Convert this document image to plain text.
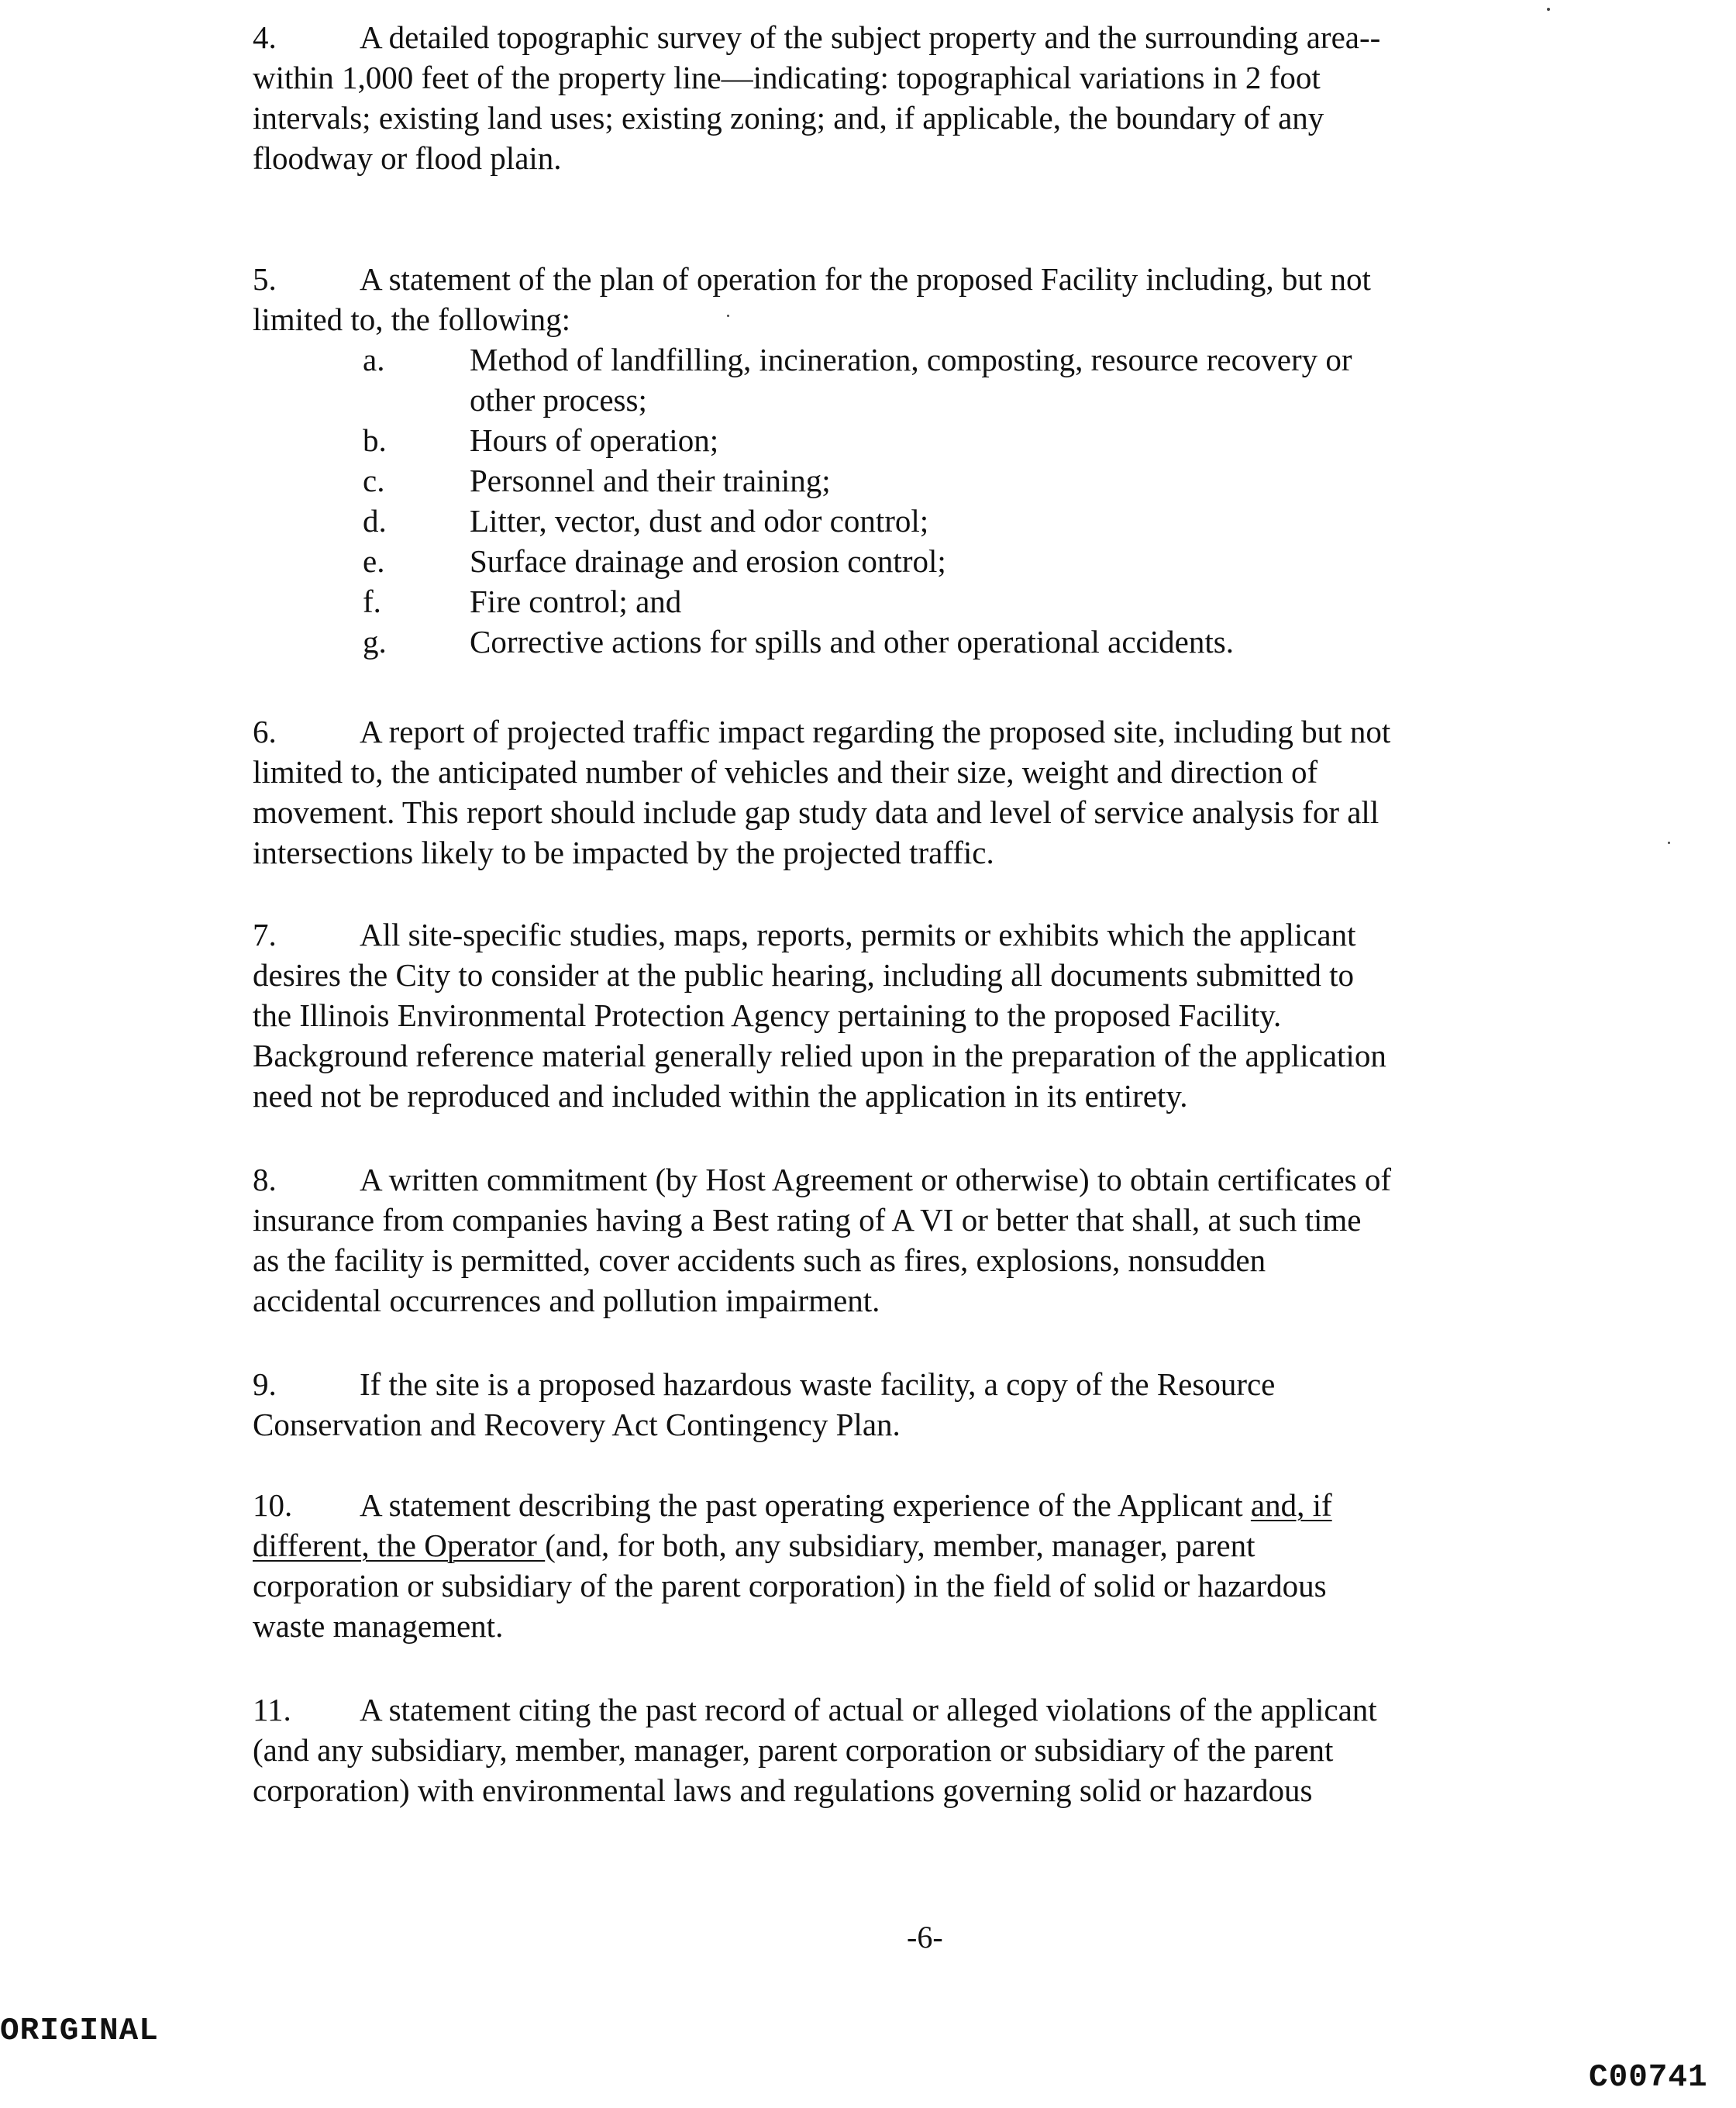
4.	A detailed topographic survey of the subject property and the surrounding area--
within 1,000 feet of the property line—indicating: topographical variations in 2 foot
intervals; existing land uses; existing zoning; and, if applicable, the boundary of any
floodway or flood plain.
5.	A statement of the plan of operation for the proposed Facility including, but not
limited to, the following:
a.	Method of landfilling, incineration, composting, resource recovery or
other process;
b.	Hours of operation;
c.	Personnel and their training;
d.	Litter, vector, dust and odor control;
e.	Surface drainage and erosion control;
f.	Fire control; and
g.	Corrective actions for spills and other operational accidents.
6.	A report of projected traffic impact regarding the proposed site, including but not
limited to, the anticipated number of vehicles and their size, weight and direction of
movement. This report should include gap study data and level of service analysis for all
intersections likely to be impacted by the projected traffic.
7.	All site-specific studies, maps, reports, permits or exhibits which the applicant
desires the City to consider at the public hearing, including all documents submitted to
the Illinois Environmental Protection Agency pertaining to the proposed Facility.
Background reference material generally relied upon in the preparation of the application
need not be reproduced and included within the application in its entirety.
8.	A written commitment (by Host Agreement or otherwise) to obtain certificates of
insurance from companies having a Best rating of A VI or better that shall, at such time
as the facility is permitted, cover accidents such as fires, explosions, nonsudden
accidental occurrences and pollution impairment.
9.	If the site is a proposed hazardous waste facility, a copy of the Resource
Conservation and Recovery Act Contingency Plan.
10. A statement describing the past operating experience of the Applicant and, if
different, the Operator (and, for both, any subsidiary, member, manager, parent
corporation or subsidiary of the parent corporation) in the field of solid or hazardous
waste management.
11. A statement citing the past record of actual or alleged violations of the applicant
(and any subsidiary, member, manager, parent corporation or subsidiary of the parent
corporation) with environmental laws and regulations governing solid or hazardous
-6-
ORIGINAL
C00741
